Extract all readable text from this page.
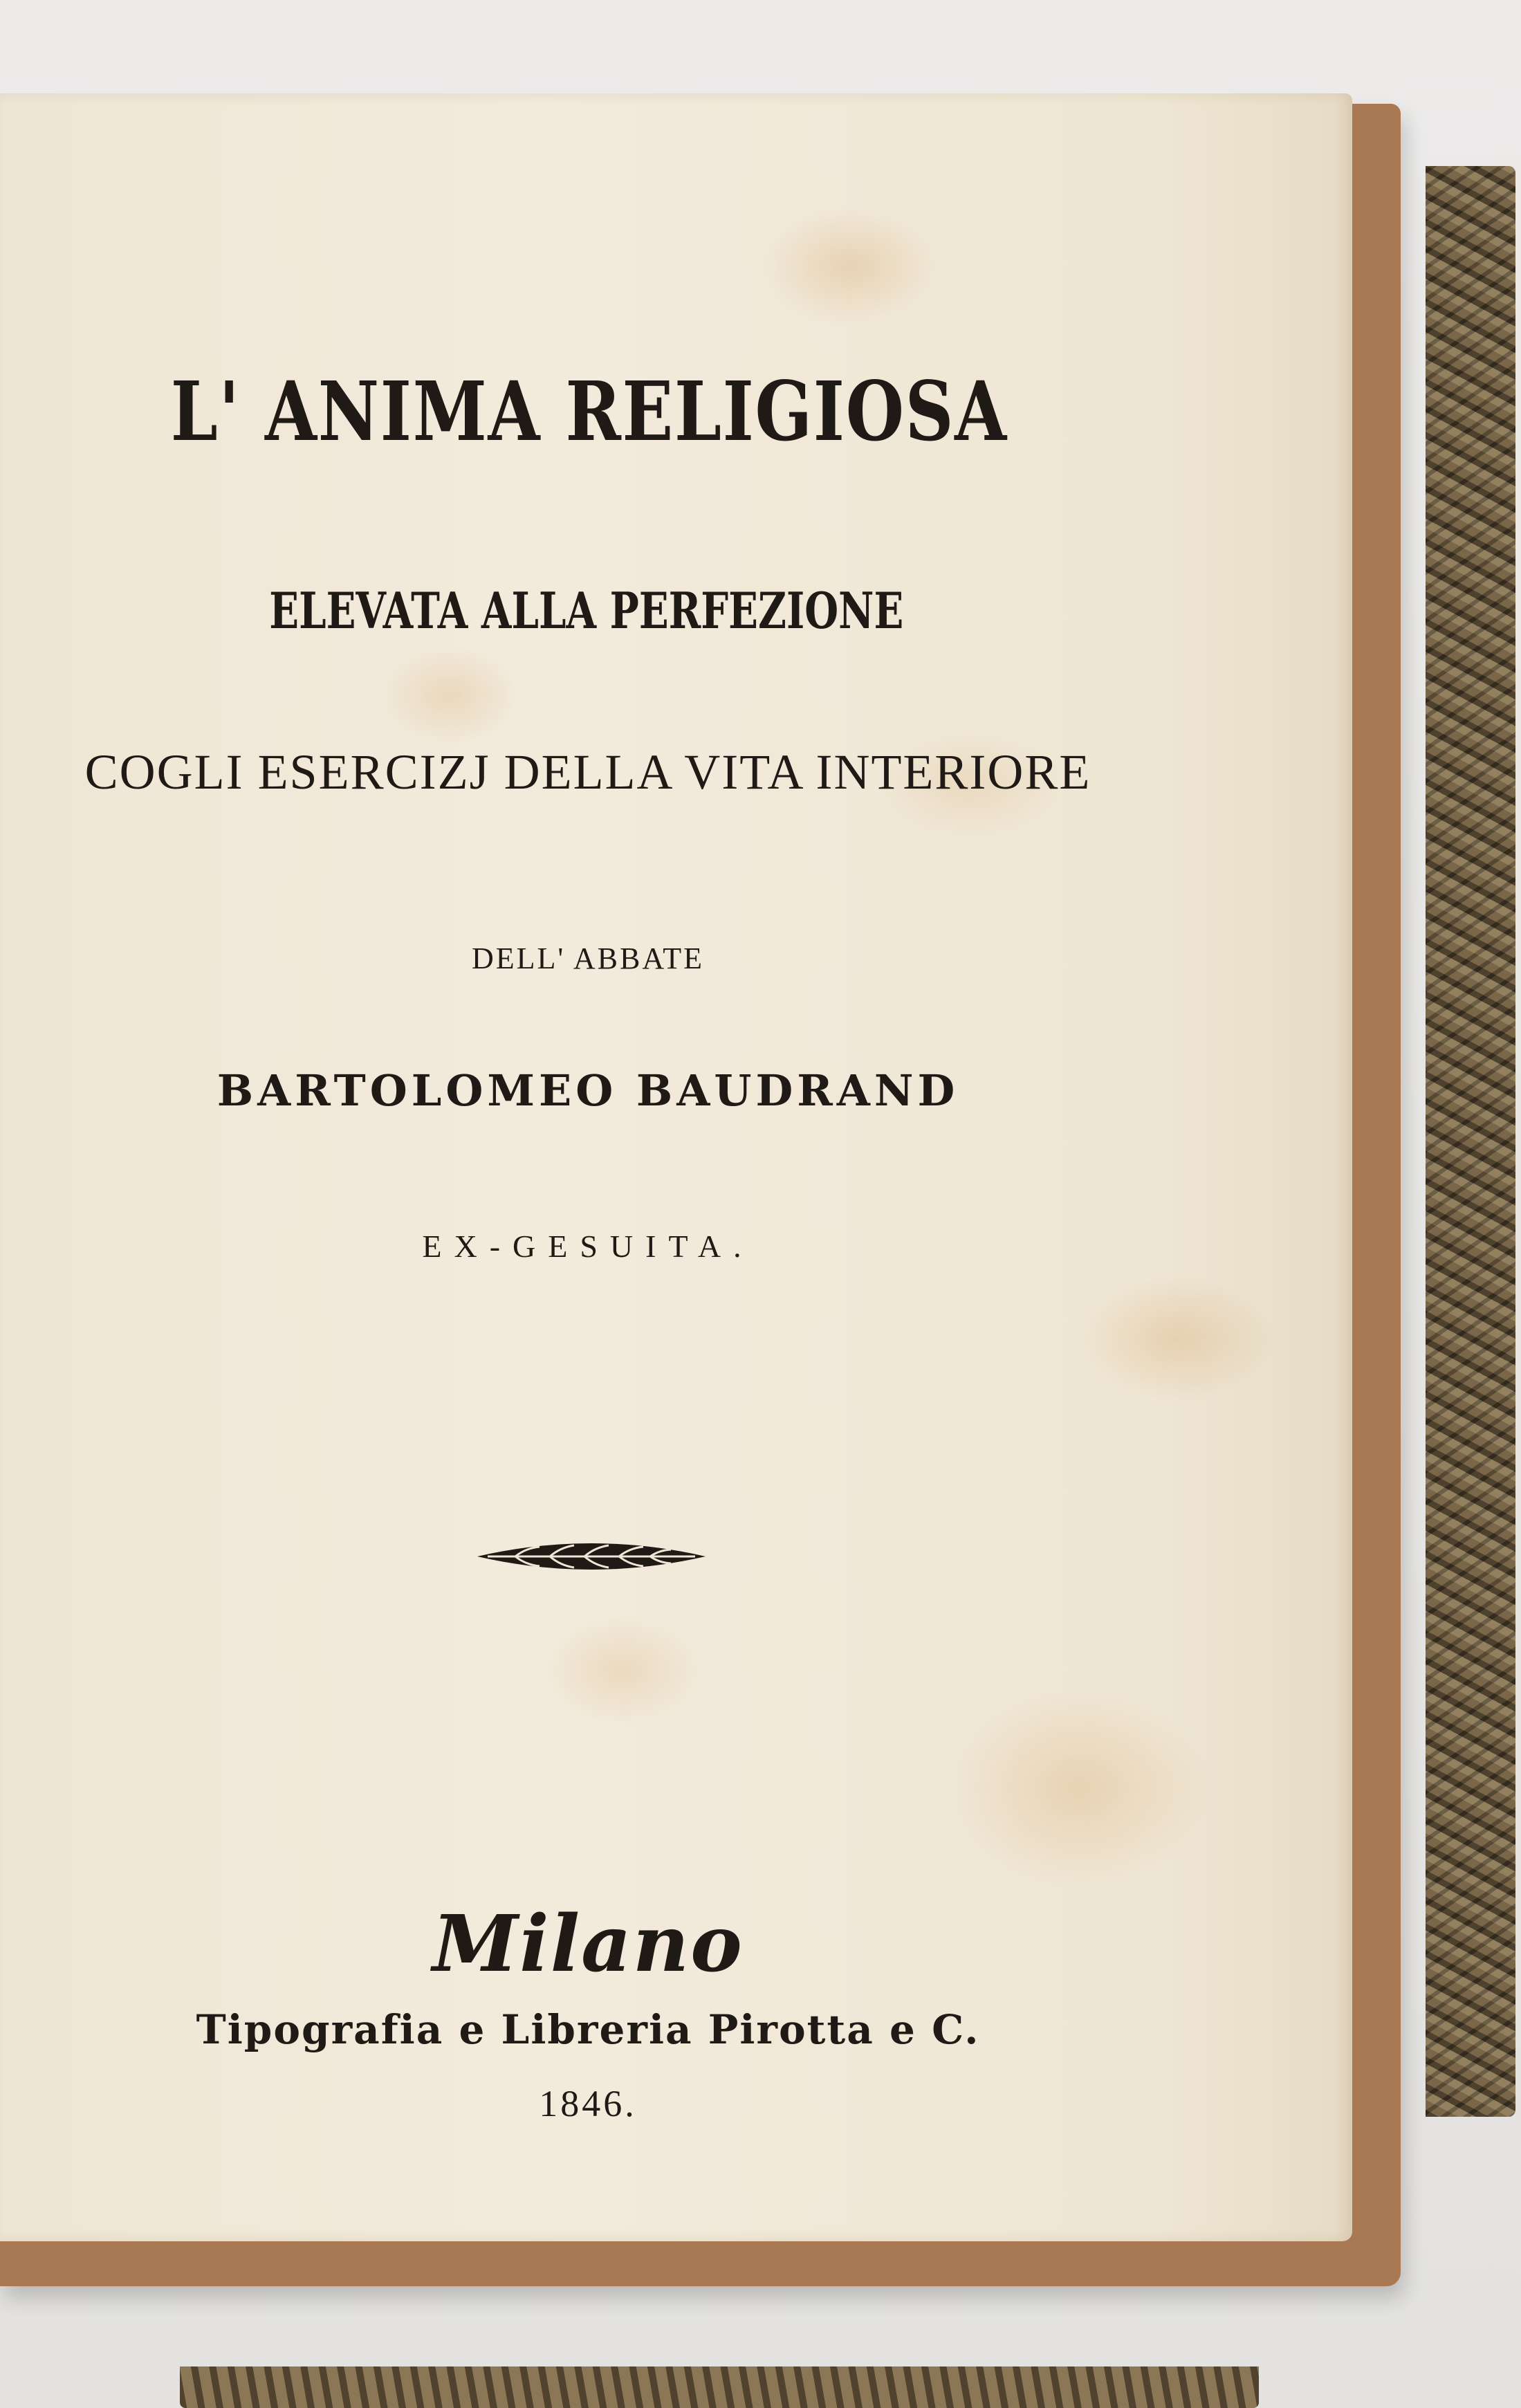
L' ANIMA RELIGIOSA
ELEVATA ALLA PERFEZIONE
COGLI ESERCIZJ DELLA VITA INTERIORE
DELL' ABBATE
BARTOLOMEO BAUDRAND
EX-GESUITA.
Milano
Tipografia e Libreria Pirotta e C.
1846.
